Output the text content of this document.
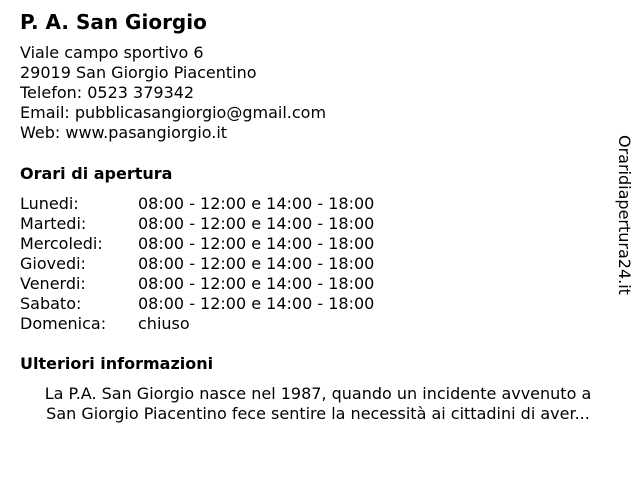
P. A. San Giorgio
Viale campo sportivo 6
29019 San Giorgio Piacentino
Telefon: 0523 379342
Email: pubblicasangiorgio@gmail.com
Web: www.pasangiorgio.it
Orari di apertura
Lunedi:	08:00 - 12:00 e 14:00 - 18:00
Martedi:	08:00 - 12:00 e 14:00 - 18:00
Mercoledi: 08:00 - 12:00 e 14:00 - 18:00
Giovedi:	08:00 - 12:00 e 14:00 - 18:00
Venerdi:	08:00 - 12:00 e 14:00 - 18:00
Sabato:	08:00 - 12:00 e 14:00 - 18:00
Domenica: chiuso
Ulteriori informazioni
La P.A. San Giorgio nasce nel 1987, quando un incidente avvenuto a
San Giorgio Piacentino fece sentire la necessità ai cittadini di aver...
Oraridiapertura24.it
